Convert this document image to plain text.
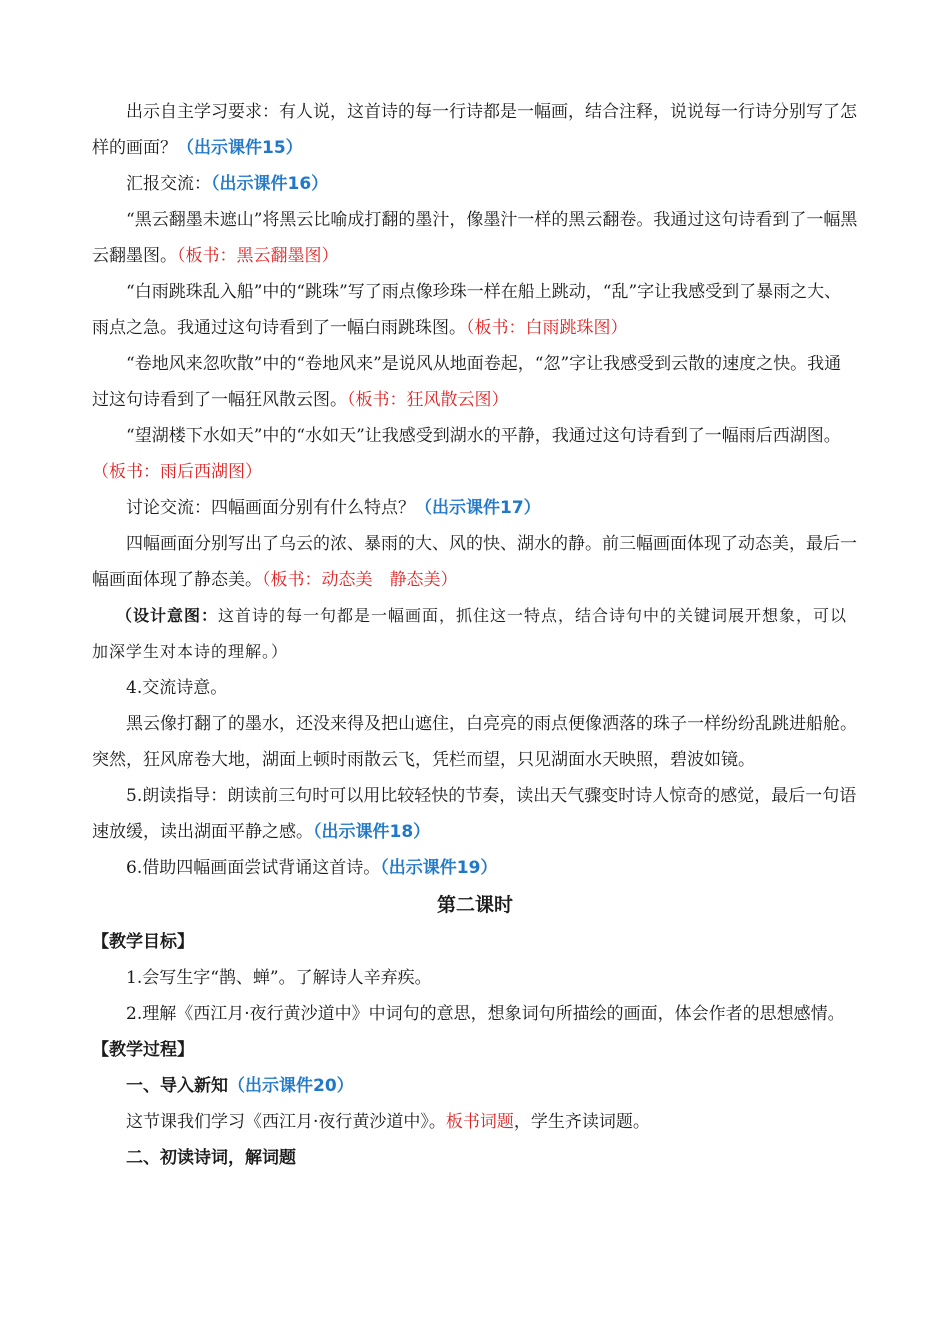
出示自主学习要求：有人说，这首诗的每一行诗都是一幅画，结合注释，说说每一行诗分别写了怎样的画面？（出示课件15）

汇报交流：（出示课件16）

“黑云翻墨未遮山”将黑云比喻成打翻的墨汁，像墨汁一样的黑云翻卷。我通过这句诗看到了一幅黑云翻墨图。（板书：黑云翻墨图）

“白雨跳珠乱入船”中的“跳珠”写了雨点像珍珠一样在船上跳动，“乱”字让我感受到了暴雨之大、雨点之急。我通过这句诗看到了一幅白雨跳珠图。（板书：白雨跳珠图）

“卷地风来忽吹散”中的“卷地风来”是说风从地面卷起，“忽”字让我感受到云散的速度之快。我通过这句诗看到了一幅狂风散云图。（板书：狂风散云图）

“望湖楼下水如天”中的“水如天”让我感受到湖水的平静，我通过这句诗看到了一幅雨后西湖图。（板书：雨后西湖图）

讨论交流：四幅画面分别有什么特点？（出示课件17）

四幅画面分别写出了乌云的浓、暴雨的大、风的快、湖水的静。前三幅画面体现了动态美，最后一幅画面体现了静态美。（板书：动态美　静态美）

（设计意图：这首诗的每一句都是一幅画面，抓住这一特点，结合诗句中的关键词展开想象，可以加深学生对本诗的理解。）

4.交流诗意。

黑云像打翻了的墨水，还没来得及把山遮住，白亮亮的雨点便像洒落的珠子一样纷纷乱跳进船舱。突然，狂风席卷大地，湖面上顿时雨散云飞，凭栏而望，只见湖面水天映照，碧波如镜。

5.朗读指导：朗读前三句时可以用比较轻快的节奏，读出天气骤变时诗人惊奇的感觉，最后一句语速放缓，读出湖面平静之感。（出示课件18）

6.借助四幅画面尝试背诵这首诗。（出示课件19）

第二课时

【教学目标】

1.会写生字“鹊、蝉”。了解诗人辛弃疾。

2.理解《西江月·夜行黄沙道中》中词句的意思，想象词句所描绘的画面，体会作者的思想感情。

【教学过程】

一、导入新知（出示课件20）

这节课我们学习《西江月·夜行黄沙道中》。板书词题，学生齐读词题。

二、初读诗词，解词题
